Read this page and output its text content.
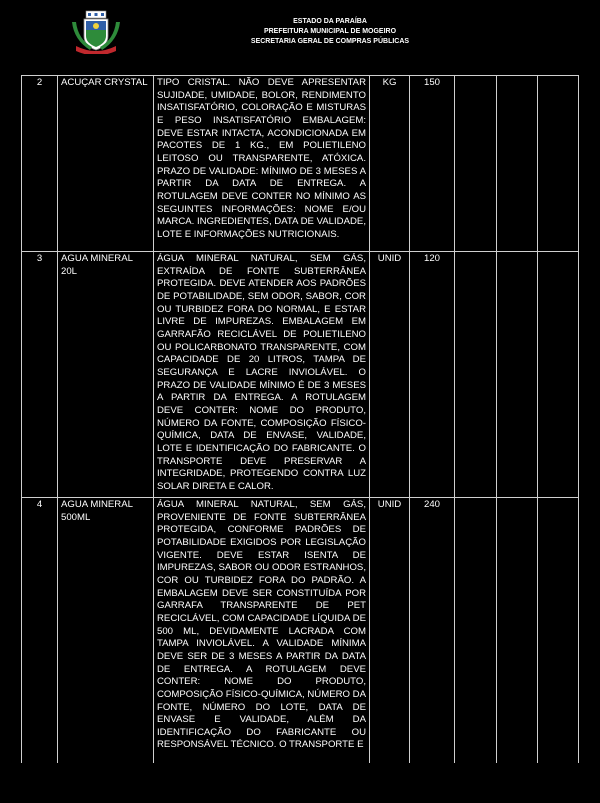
ESTADO DA PARAÍBA
PREFEITURA MUNICIPAL DE MOGEIRO
SECRETARIA GERAL DE COMPRAS PÚBLICAS
2	ACUÇAR CRYSTAL	TIPO CRISTAL. NÃO DEVE APRESENTAR SUJIDADE, UMIDADE, BOLOR, RENDIMENTO INSATISFATÓRIO, COLORAÇÃO E MISTURAS E PESO INSATISFATÓRIO EMBALAGEM: DEVE ESTAR INTACTA, ACONDICIONADA EM PACOTES DE 1 KG., EM POLIETILENO LEITOSO OU TRANSPARENTE, ATÓXICA. PRAZO DE VALIDADE: MÍNIMO DE 3 MESES A PARTIR DA DATA DE ENTREGA. A ROTULAGEM DEVE CONTER NO MÍNIMO AS SEGUINTES INFORMAÇÕES: NOME E/OU MARCA. INGREDIENTES, DATA DE VALIDADE, LOTE E INFORMAÇÕES NUTRICIONAIS.	KG	150			
3	AGUA MINERAL 20L	ÁGUA MINERAL NATURAL, SEM GÁS, EXTRAÍDA DE FONTE SUBTERRÂNEA PROTEGIDA. DEVE ATENDER AOS PADRÕES DE POTABILIDADE, SEM ODOR, SABOR, COR OU TURBIDEZ FORA DO NORMAL, E ESTAR LIVRE DE IMPUREZAS. EMBALAGEM EM GARRAFÃO RECICLÁVEL DE POLIETILENO OU POLICARBONATO TRANSPARENTE, COM CAPACIDADE DE 20 LITROS, TAMPA DE SEGURANÇA E LACRE INVIOLÁVEL. O PRAZO DE VALIDADE MÍNIMO É DE 3 MESES A PARTIR DA ENTREGA. A ROTULAGEM DEVE CONTER: NOME DO PRODUTO, NÚMERO DA FONTE, COMPOSIÇÃO FÍSICO-QUÍMICA, DATA DE ENVASE, VALIDADE, LOTE E IDENTIFICAÇÃO DO FABRICANTE. O TRANSPORTE DEVE PRESERVAR A INTEGRIDADE, PROTEGENDO CONTRA LUZ SOLAR DIRETA E CALOR.	UNID	120			
4	AGUA MINERAL 500ML	ÁGUA MINERAL NATURAL, SEM GÁS, PROVENIENTE DE FONTE SUBTERRÂNEA PROTEGIDA, CONFORME PADRÕES DE POTABILIDADE EXIGIDOS POR LEGISLAÇÃO VIGENTE. DEVE ESTAR ISENTA DE IMPUREZAS, SABOR OU ODOR ESTRANHOS, COR OU TURBIDEZ FORA DO PADRÃO. A EMBALAGEM DEVE SER CONSTITUÍDA POR GARRAFA TRANSPARENTE DE PET RECICLÁVEL, COM CAPACIDADE LÍQUIDA DE 500 ML, DEVIDAMENTE LACRADA COM TAMPA INVIOLÁVEL. A VALIDADE MÍNIMA DEVE SER DE 3 MESES A PARTIR DA DATA DE ENTREGA. A ROTULAGEM DEVE CONTER: NOME DO PRODUTO, COMPOSIÇÃO FÍSICO-QUÍMICA, NÚMERO DA FONTE, NÚMERO DO LOTE, DATA DE ENVASE E VALIDADE, ALÉM DA IDENTIFICAÇÃO DO FABRICANTE OU RESPONSÁVEL TÉCNICO. O TRANSPORTE E	UNID	240			
